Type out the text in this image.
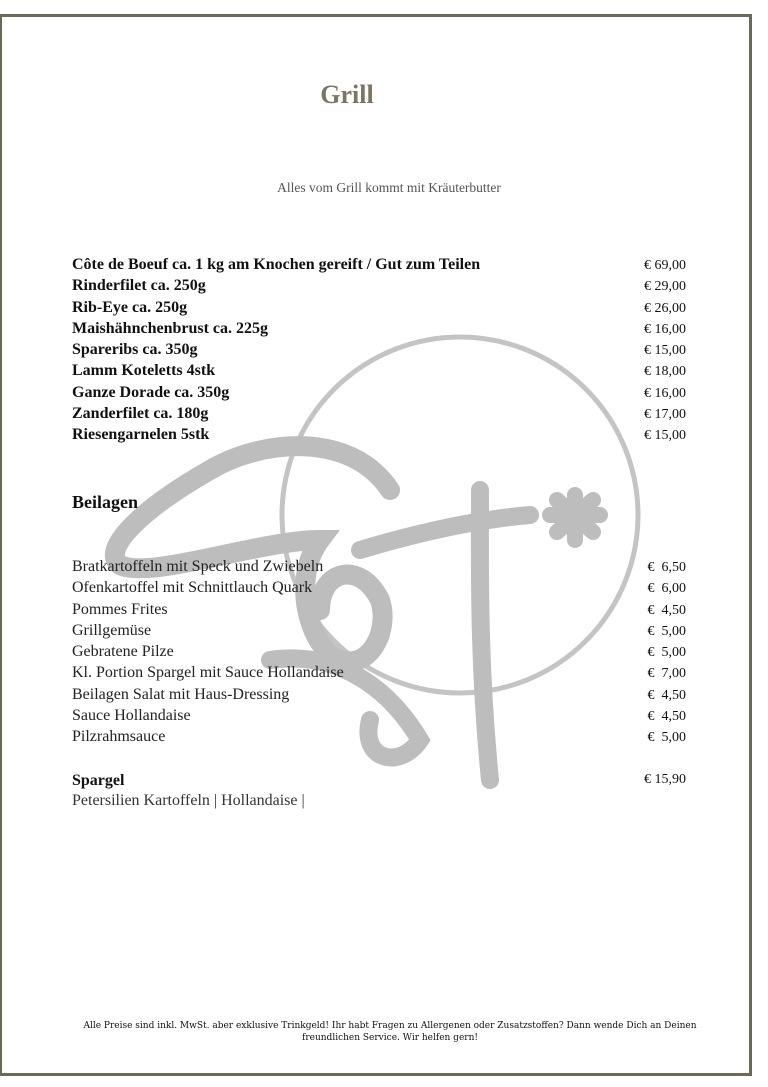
Grill
Alles vom Grill kommt mit Kräuterbutter
Côte de Boeuf ca. 1 kg am Knochen gereift / Gut zum Teilen	€ 69,00
Rinderfilet ca. 250g	€ 29,00
Rib-Eye ca. 250g	€ 26,00
Maishähnchenbrust ca. 225g	€ 16,00
Spareribs ca. 350g	€ 15,00
Lamm Koteletts 4stk	€ 18,00
Ganze Dorade ca. 350g	€ 16,00
Zanderfilet ca. 180g	€ 17,00
Riesengarnelen 5stk	€ 15,00
Beilagen
Bratkartoffeln mit Speck und Zwiebeln	€  6,50
Ofenkartoffel mit Schnittlauch Quark	€  6,00
Pommes Frites	€  4,50
Grillgemüse	€  5,00
Gebratene Pilze	€  5,00
Kl. Portion Spargel mit Sauce Hollandaise	€  7,00
Beilagen Salat mit Haus-Dressing	€  4,50
Sauce Hollandaise	€  4,50
Pilzrahmsauce	€  5,00
Spargel	€ 15,90
Petersilien Kartoffeln | Hollandaise |
Alle Preise sind inkl. MwSt. aber exklusive Trinkgeld! Ihr habt Fragen zu Allergenen oder Zusatzstoffen? Dann wende Dich an Deinen freundlichen Service. Wir helfen gern!
